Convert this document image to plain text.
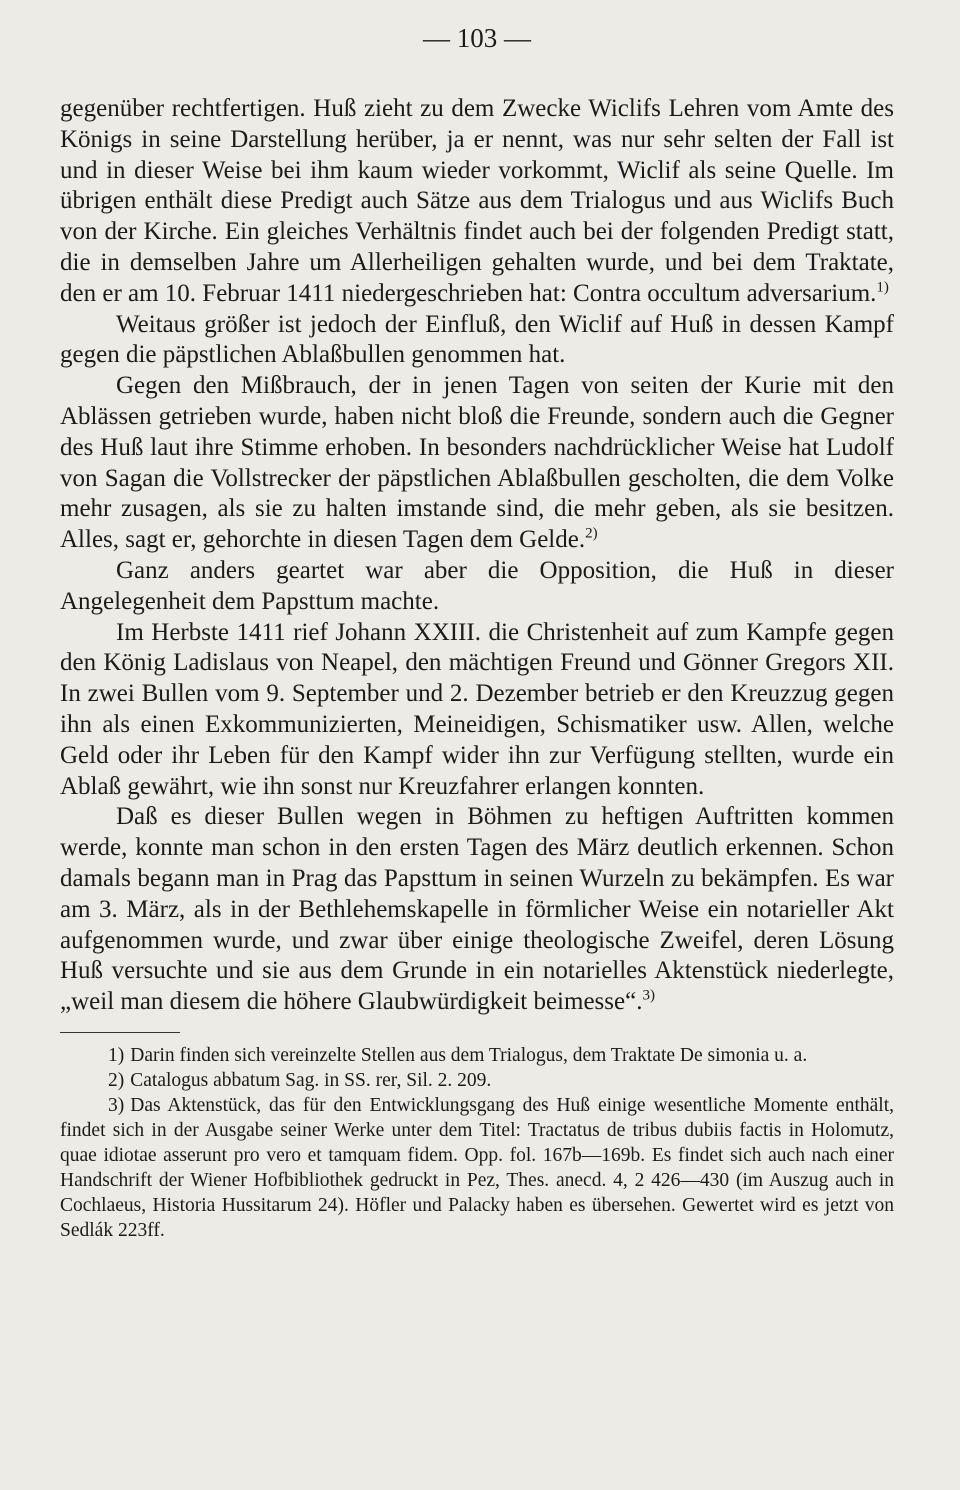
— 103 —

gegenüber rechtfertigen. Huß zieht zu dem Zwecke Wiclifs Lehren vom Amte des Königs in seine Darstellung herüber, ja er nennt, was nur sehr selten der Fall ist und in dieser Weise bei ihm kaum wieder vorkommt, Wiclif als seine Quelle. Im übrigen enthält diese Predigt auch Sätze aus dem Trialogus und aus Wiclifs Buch von der Kirche. Ein gleiches Verhältnis findet auch bei der folgenden Predigt statt, die in demselben Jahre um Allerheiligen gehalten wurde, und bei dem Traktate, den er am 10. Februar 1411 niedergeschrieben hat: Contra occultum adversarium.$^{1)}$

Weitaus größer ist jedoch der Einfluß, den Wiclif auf Huß in dessen Kampf gegen die päpstlichen Ablaßbullen genommen hat.

Gegen den Mißbrauch, der in jenen Tagen von seiten der Kurie mit den Ablässen getrieben wurde, haben nicht bloß die Freunde, sondern auch die Gegner des Huß laut ihre Stimme erhoben. In besonders nachdrücklicher Weise hat Ludolf von Sagan die Vollstrecker der päpstlichen Ablaßbullen gescholten, die dem Volke mehr zusagen, als sie zu halten imstande sind, die mehr geben, als sie besitzen. Alles, sagt er, gehorchte in diesen Tagen dem Gelde.$^{2)}$

Ganz anders geartet war aber die Opposition, die Huß in dieser Angelegenheit dem Papsttum machte.

Im Herbste 1411 rief Johann XXIII. die Christenheit auf zum Kampfe gegen den König Ladislaus von Neapel, den mächtigen Freund und Gönner Gregors XII. In zwei Bullen vom 9. September und 2. Dezember betrieb er den Kreuzzug gegen ihn als einen Exkommunizierten, Meineidigen, Schismatiker usw. Allen, welche Geld oder ihr Leben für den Kampf wider ihn zur Verfügung stellten, wurde ein Ablaß gewährt, wie ihn sonst nur Kreuzfahrer erlangen konnten.

Daß es dieser Bullen wegen in Böhmen zu heftigen Auftritten kommen werde, konnte man schon in den ersten Tagen des März deutlich erkennen. Schon damals begann man in Prag das Papsttum in seinen Wurzeln zu bekämpfen. Es war am 3. März, als in der Bethlehemskapelle in förmlicher Weise ein notarieller Akt aufgenommen wurde, und zwar über einige theologische Zweifel, deren Lösung Huß versuchte und sie aus dem Grunde in ein notarielles Aktenstück niederlegte, „weil man diesem die höhere Glaubwürdigkeit beimesse“.$^{3)}$

1) Darin finden sich vereinzelte Stellen aus dem Trialogus, dem Traktate De simonia u. a.

2) Catalogus abbatum Sag. in SS. rer, Sil. 2. 209.

3) Das Aktenstück, das für den Entwicklungsgang des Huß einige wesentliche Momente enthält, findet sich in der Ausgabe seiner Werke unter dem Titel: Tractatus de tribus dubiis factis in Holomutz, quae idiotae asserunt pro vero et tamquam fidem. Opp. fol. 167b—169b. Es findet sich auch nach einer Handschrift der Wiener Hofbibliothek gedruckt in Pez, Thes. anecd. 4, 2 426—430 (im Auszug auch in Cochlaeus, Historia Hussitarum 24). Höfler und Palacky haben es übersehen. Gewertet wird es jetzt von Sedlák 223ff.
